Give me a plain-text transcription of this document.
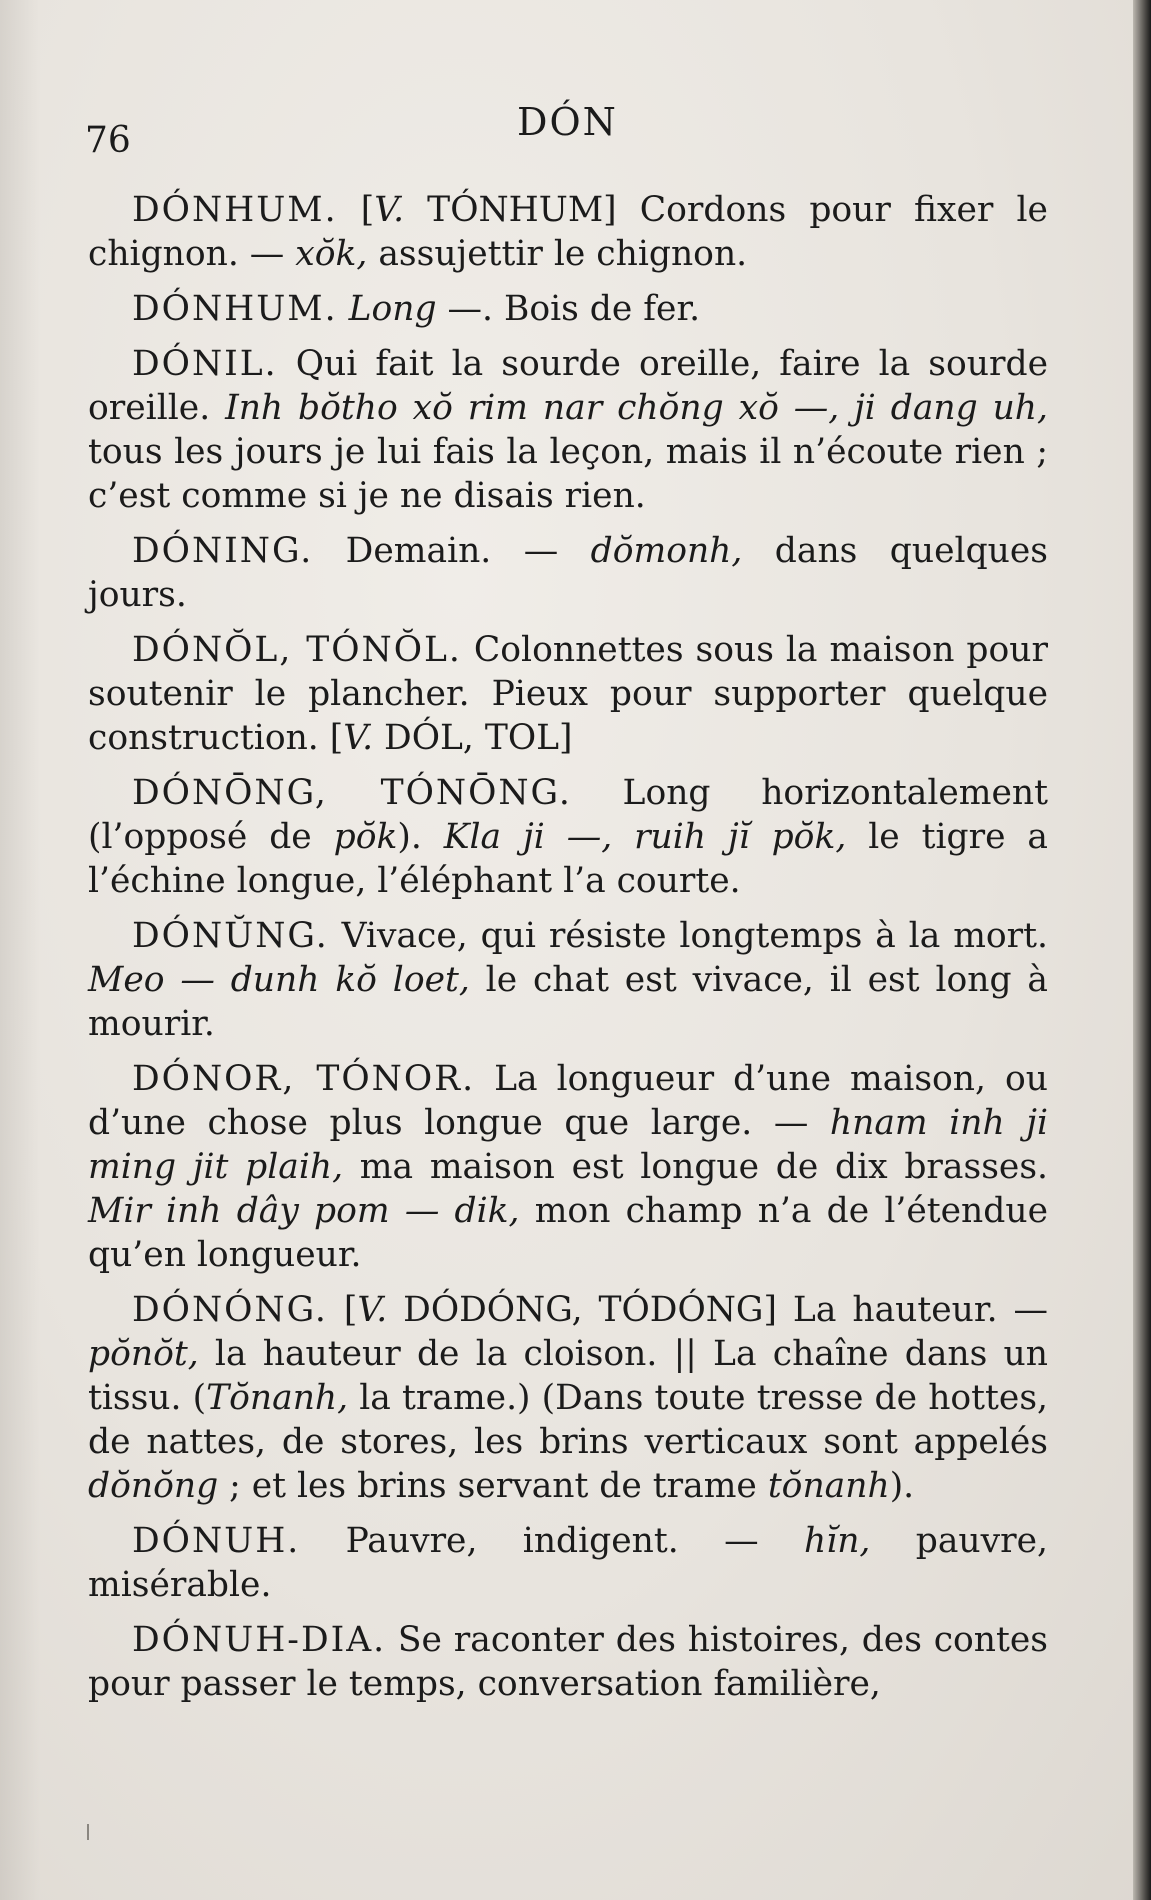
76	DÓN

DÓNHUM. [V. TÓNHUM] Cordons pour fixer le chignon. — xŏk, assujettir le chignon.

DÓNHUM. Long —. Bois de fer.

DÓNIL. Qui fait la sourde oreille, faire la sourde oreille. Inh bŏtho xŏ rim nar chŏng xŏ —, ji dang uh, tous les jours je lui fais la leçon, mais il n’écoute rien ; c’est comme si je ne disais rien.

DÓNING. Demain. — dŏmonh, dans quelques jours.

DÓNŎL, TÓNŎL. Colonnettes sous la maison pour soutenir le plancher. Pieux pour supporter quelque construction. [V. DÓL, TOL]

DÓNŌNG, TÓNŌNG. Long horizontalement (l’opposé de pŏk). Kla ji —, ruih jĭ pŏk, le tigre a l’échine longue, l’éléphant l’a courte.

DÓNŬNG. Vivace, qui résiste longtemps à la mort. Meo — dunh kŏ loet, le chat est vivace, il est long à mourir.

DÓNOR, TÓNOR. La longueur d’une maison, ou d’une chose plus longue que large. — hnam inh ji ming jit plaih, ma maison est longue de dix brasses. Mir inh dây pom — dik, mon champ n’a de l’étendue qu’en longueur.

DÓNÓNG. [V. DÓDÓNG, TÓDÓNG] La hauteur. — pŏnŏt, la hauteur de la cloison. || La chaîne dans un tissu. (Tŏnanh, la trame.) (Dans toute tresse de hottes, de nattes, de stores, les brins verticaux sont appelés dŏnŏng ; et les brins servant de trame tŏnanh).

DÓNUH. Pauvre, indigent. — hĭn, pauvre, misérable.

DÓNUH-DIA. Se raconter des histoires, des contes pour passer le temps, conversation familière,
